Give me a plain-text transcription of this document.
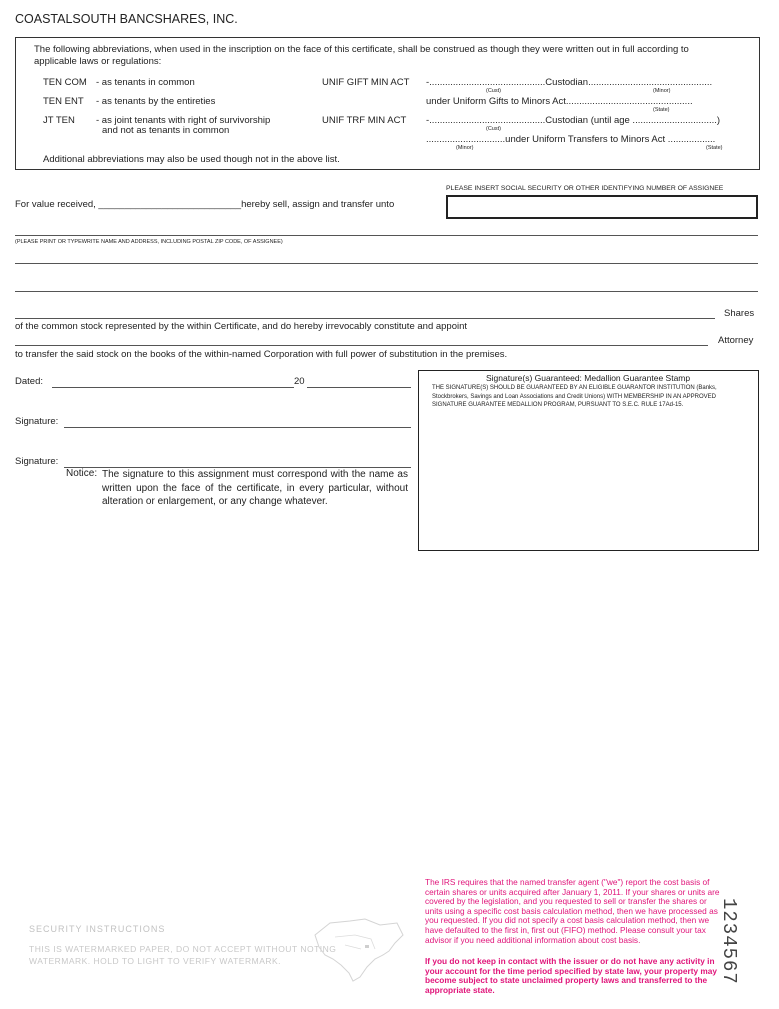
COASTALSOUTH BANCSHARES, INC.
The following abbreviations, when used in the inscription on the face of this certificate, shall be construed as though they were written out in full according to applicable laws or regulations:
TEN COM - as tenants in common
TEN ENT - as tenants by the entireties
JT TEN - as joint tenants with right of survivorship
and not as tenants in common
UNIF GIFT MIN ACT -............................................Custodian...............................................
(Cust)	(Minor)
under Uniform Gifts to Minors Act................................................
(State)
UNIF TRF MIN ACT -............................................Custodian (until age ................................)
(Cust)
..............................under Uniform Transfers to Minors Act ..................
(Minor)	(State)
Additional abbreviations may also be used though not in the above list.
PLEASE INSERT SOCIAL SECURITY OR OTHER IDENTIFYING NUMBER OF ASSIGNEE
For value received, ___________________________hereby sell, assign and transfer unto
(PLEASE PRINT OR TYPEWRITE NAME AND ADDRESS, INCLUDING POSTAL ZIP CODE, OF ASSIGNEE)
Shares
of the common stock represented by the within Certificate, and do hereby irrevocably constitute and appoint
Attorney
to transfer the said stock on the books of the within-named Corporation with full power of substitution in the premises.
Dated:	20
Signature:
Signature:
Notice: The signature to this assignment must correspond with the name as written upon the face of the certificate, in every particular, without alteration or enlargement, or any change whatever.
Signature(s) Guaranteed: Medallion Guarantee Stamp
THE SIGNATURE(S) SHOULD BE GUARANTEED BY AN ELIGIBLE GUARANTOR INSTITUTION (Banks, Stockbrokers, Savings and Loan Associations and Credit Unions) WITH MEMBERSHIP IN AN APPROVED SIGNATURE GUARANTEE MEDALLION PROGRAM, PURSUANT TO S.E.C. RULE 17Ad-15.
SECURITY INSTRUCTIONS
THIS IS WATERMARKED PAPER, DO NOT ACCEPT WITHOUT NOTING
WATERMARK. HOLD TO LIGHT TO VERIFY WATERMARK.
The IRS requires that the named transfer agent ("we") report the cost basis of certain shares or units acquired after January 1, 2011. If your shares or units are covered by the legislation, and you requested to sell or transfer the shares or units using a specific cost basis calculation method, then we have processed as you requested. If you did not specify a cost basis calculation method, then we have defaulted to the first in, first out (FIFO) method. Please consult your tax advisor if you need additional information about cost basis.
If you do not keep in contact with the issuer or do not have any activity in your account for the time period specified by state law, your property may become subject to state unclaimed property laws and transferred to the appropriate state.
1234567
